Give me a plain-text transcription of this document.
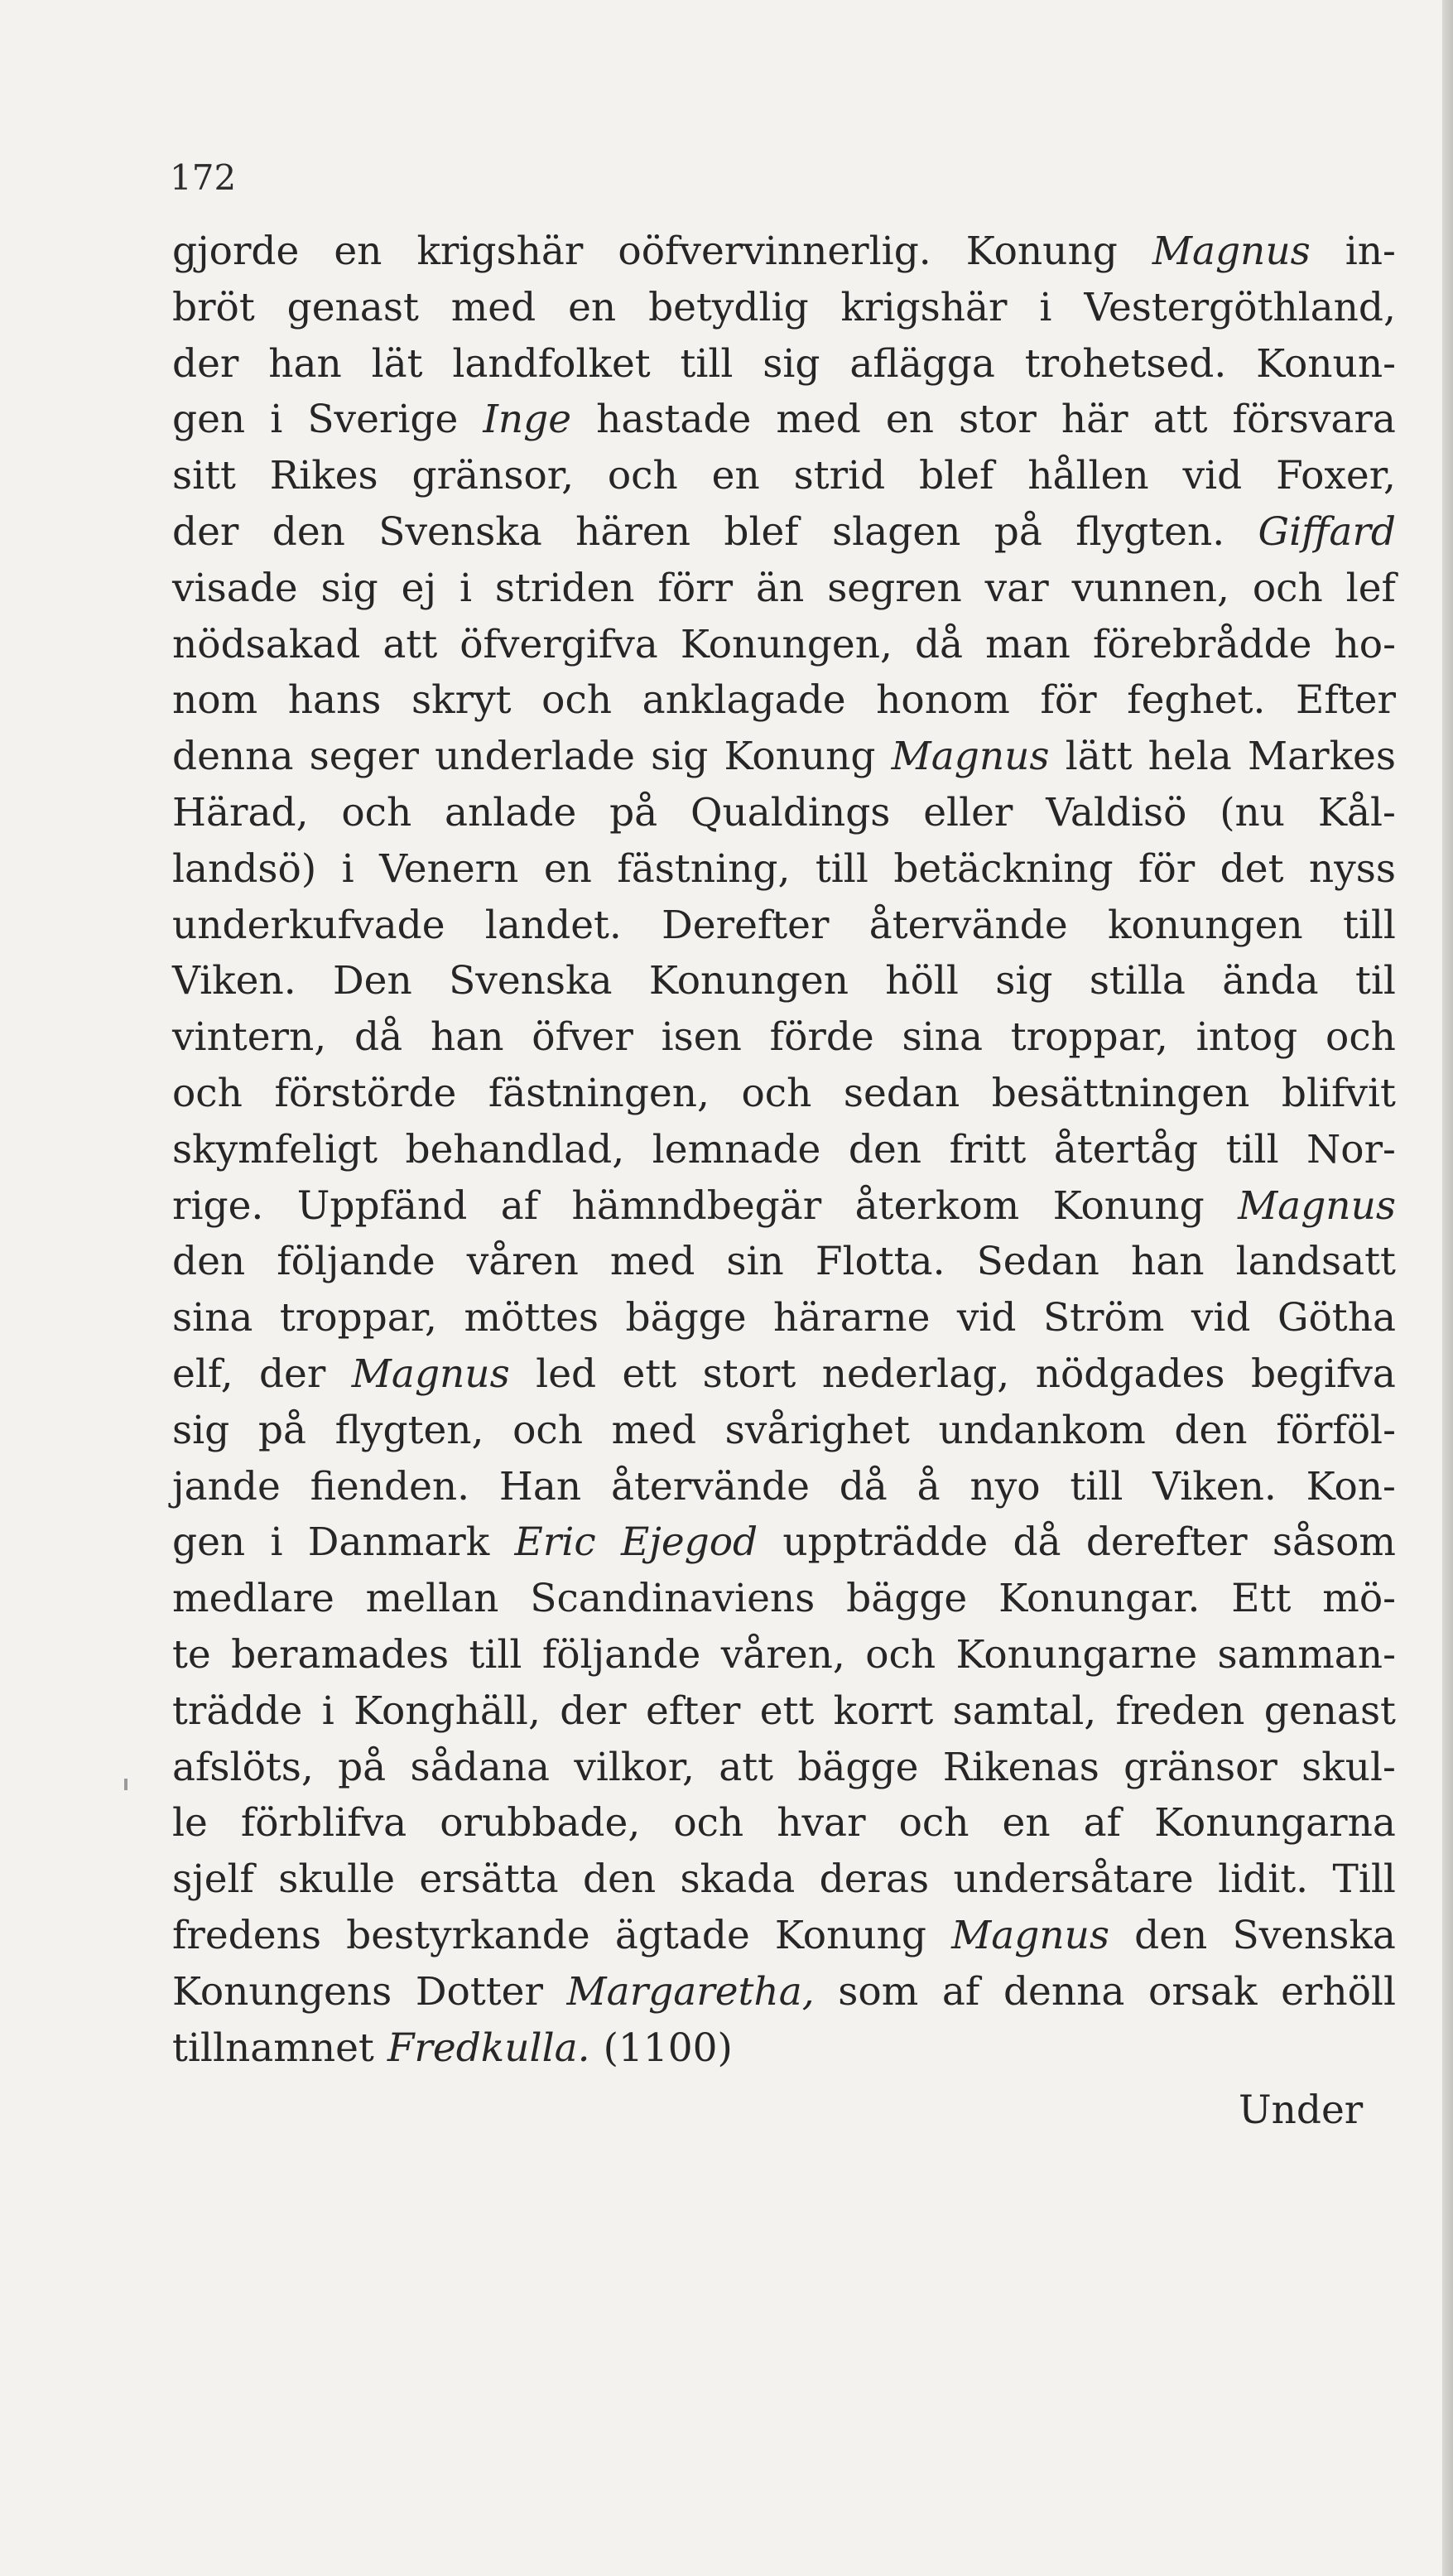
172
gjorde en krigshär oöfvervinnerlig. Konung Magnus in-
bröt genast med en betydlig krigshär i Vestergöthland,
der han lät landfolket till sig aflägga trohetsed. Konun-
gen i Sverige Inge hastade med en stor här att försvara
sitt Rikes gränsor, och en strid blef hållen vid Foxer,
der den Svenska hären blef slagen på flygten. Giffard
visade sig ej i striden förr än segren var vunnen, och lef
nödsakad att öfvergifva Konungen, då man förebrådde ho-
nom hans skryt och anklagade honom för feghet. Efter
denna seger underlade sig Konung Magnus lätt hela Markes
Härad, och anlade på Qualdings eller Valdisö (nu Kål-
landsö) i Venern en fästning, till betäckning för det nyss
underkufvade landet. Derefter återvände konungen till
Viken. Den Svenska Konungen höll sig stilla ända til
vintern, då han öfver isen förde sina troppar, intog och
och förstörde fästningen, och sedan besättningen blifvit
skymfeligt behandlad, lemnade den fritt återtåg till Nor-
rige. Uppfänd af hämndbegär återkom Konung Magnus
den följande våren med sin Flotta. Sedan han landsatt
sina troppar, möttes bägge härarne vid Ström vid Götha
elf, der Magnus led ett stort nederlag, nödgades begifva
sig på flygten, och med svårighet undankom den förföl-
jande fienden. Han återvände då å nyo till Viken. Kon-
gen i Danmark Eric Ejegod uppträdde då derefter såsom
medlare mellan Scandinaviens bägge Konungar. Ett mö-
te beramades till följande våren, och Konungarne samman-
trädde i Konghäll, der efter ett korrt samtal, freden genast
afslöts, på sådana vilkor, att bägge Rikenas gränsor skul-
le förblifva orubbade, och hvar och en af Konungarna
sjelf skulle ersätta den skada deras undersåtare lidit. Till
fredens bestyrkande ägtade Konung Magnus den Svenska
Konungens Dotter Margaretha, som af denna orsak erhöll
tillnamnet Fredkulla. (1100)
Under
